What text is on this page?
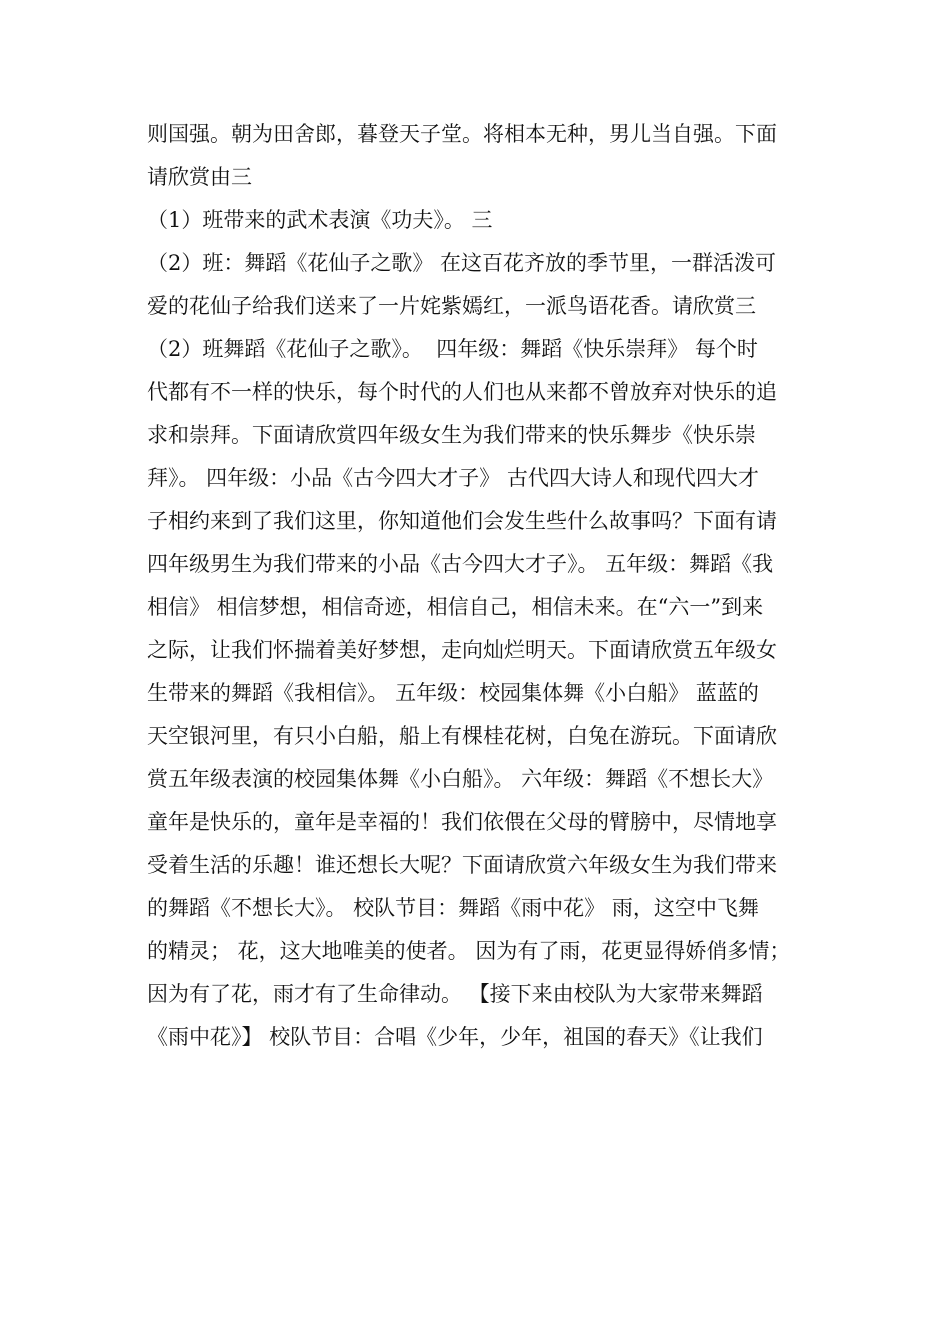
则国强。朝为田舍郎，暮登天子堂。将相本无种，男儿当自强。下面
请欣赏由三
（1）班带来的武术表演《功夫》。 三
（2）班：舞蹈《花仙子之歌》 在这百花齐放的季节里，一群活泼可
爱的花仙子给我们送来了一片姹紫嫣红，一派鸟语花香。请欣赏三
（2）班舞蹈《花仙子之歌》。  四年级：舞蹈《快乐崇拜》 每个时
代都有不一样的快乐，每个时代的人们也从来都不曾放弃对快乐的追
求和崇拜。下面请欣赏四年级女生为我们带来的快乐舞步《快乐崇
拜》。 四年级：小品《古今四大才子》 古代四大诗人和现代四大才
子相约来到了我们这里，你知道他们会发生些什么故事吗？下面有请
四年级男生为我们带来的小品《古今四大才子》。 五年级：舞蹈《我
相信》 相信梦想，相信奇迹，相信自己，相信未来。在“六一”到来
之际，让我们怀揣着美好梦想，走向灿烂明天。下面请欣赏五年级女
生带来的舞蹈《我相信》。 五年级：校园集体舞《小白船》 蓝蓝的
天空银河里，有只小白船，船上有棵桂花树，白兔在游玩。下面请欣
赏五年级表演的校园集体舞《小白船》。 六年级：舞蹈《不想长大》
童年是快乐的，童年是幸福的！我们依偎在父母的臂膀中，尽情地享
受着生活的乐趣！谁还想长大呢？下面请欣赏六年级女生为我们带来
的舞蹈《不想长大》。 校队节目：舞蹈《雨中花》 雨，这空中飞舞
的精灵； 花，这大地唯美的使者。 因为有了雨，花更显得娇俏多情；
因为有了花，雨才有了生命律动。 【接下来由校队为大家带来舞蹈
《雨中花》】 校队节目：合唱《少年，少年，祖国的春天》《让我们
